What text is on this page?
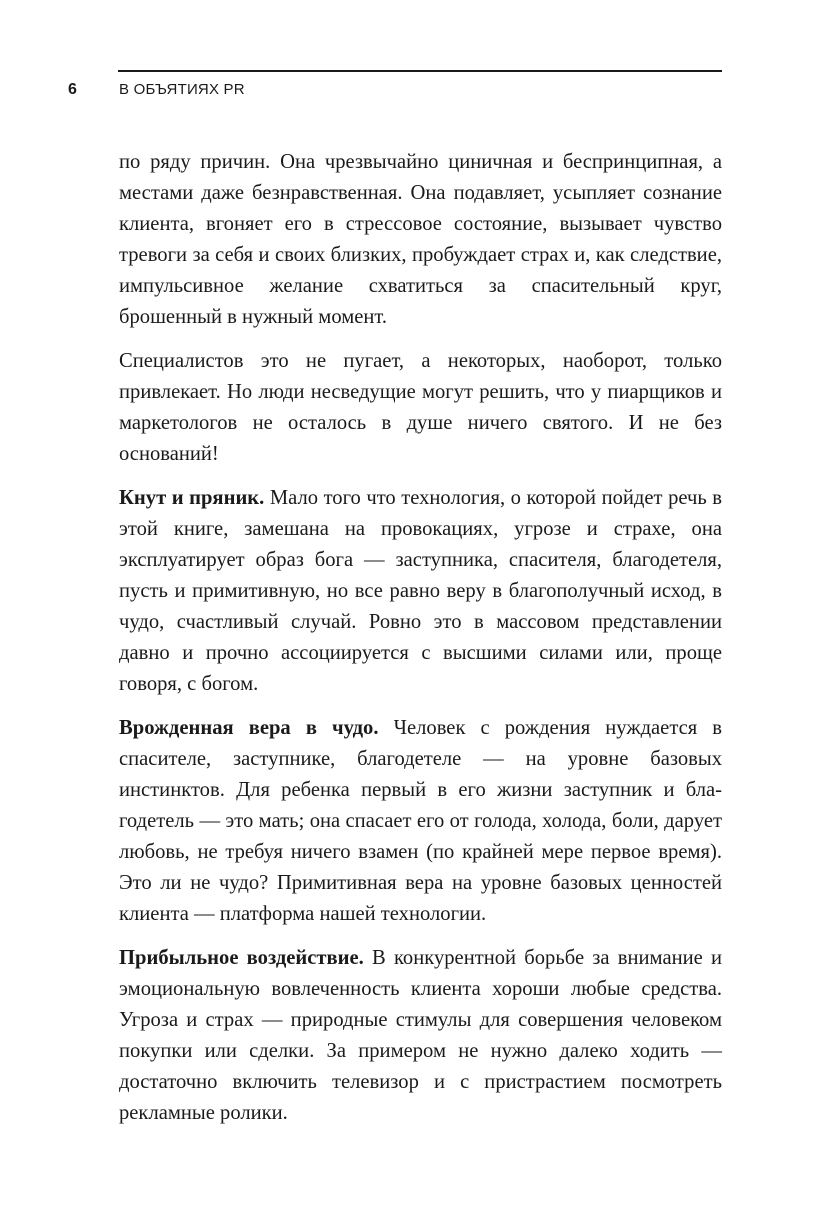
6	В ОБЪЯТИЯХ PR

по ряду причин. Она чрезвычайно циничная и беспринципная, а местами даже безнравственная. Она подавляет, усыпляет сознание клиента, вгоняет его в стрессовое состояние, вызывает чувство тревоги за себя и своих близких, пробуждает страх и, как следствие, импульсивное желание схватиться за спасительный круг, брошенный в нужный момент.

Специалистов это не пугает, а некоторых, наоборот, только привлекает. Но люди несведущие могут решить, что у пиарщиков и маркетологов не осталось в душе ничего святого. И не без оснований!

Кнут и пряник. Мало того что технология, о которой пойдет речь в этой книге, замешана на провокациях, угрозе и страхе, она эксплуатирует образ бога — заступника, спасителя, благодетеля, пусть и примитивную, но все равно веру в благополучный исход, в чудо, счастливый случай. Ровно это в массовом представлении давно и прочно ассоциируется с высшими силами или, проще говоря, с богом.

Врожденная вера в чудо. Человек с рождения нуждается в спасителе, заступнике, благодетеле — на уровне базовых инстинктов. Для ребенка первый в его жизни заступник и благодетель — это мать; она спасает его от голода, холода, боли, дарует любовь, не требуя ничего взамен (по крайней мере первое время). Это ли не чудо? Примитивная вера на уровне базовых ценностей клиента — платформа нашей технологии.

Прибыльное воздействие. В конкурентной борьбе за внимание и эмоциональную вовлеченность клиента хороши любые средства. Угроза и страх — природные стимулы для совершения человеком покупки или сделки. За примером не нужно далеко ходить — достаточно включить телевизор и с пристрастием посмотреть рекламные ролики.
